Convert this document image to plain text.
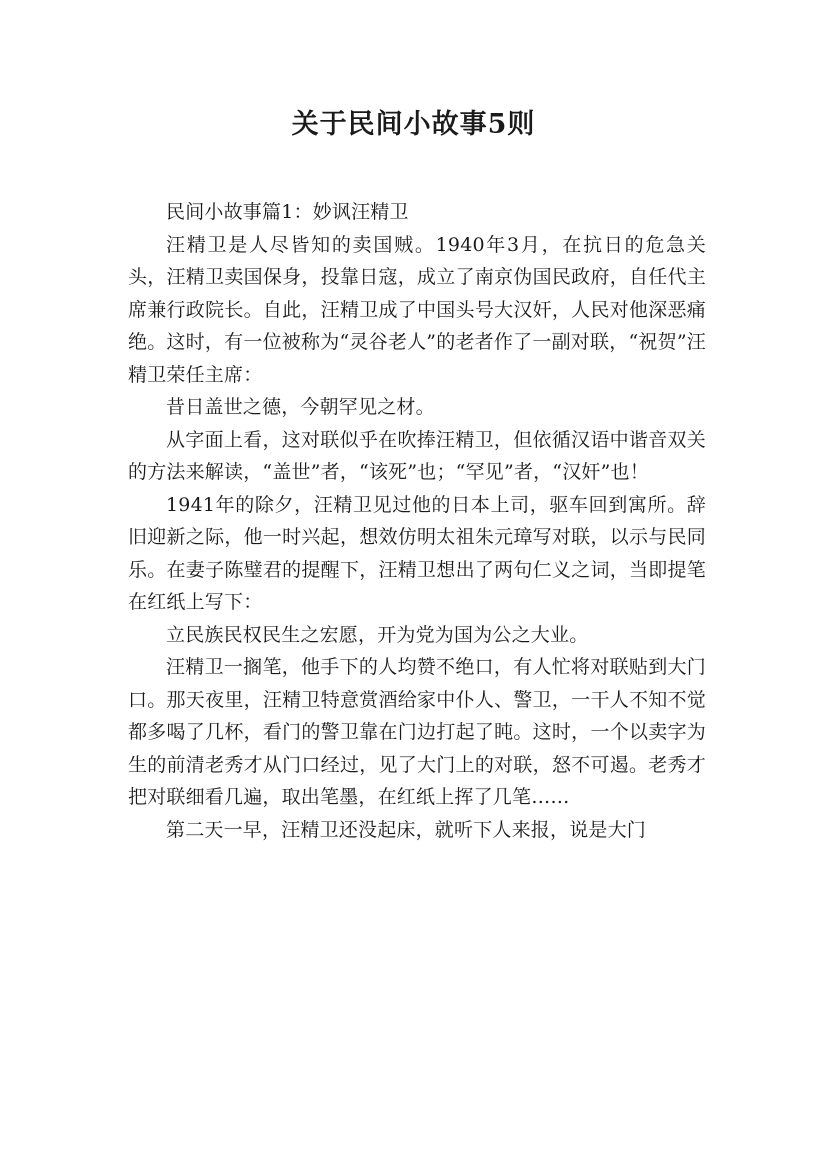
关于民间小故事5则

民间小故事篇1：妙讽汪精卫

汪精卫是人尽皆知的卖国贼。1940年3月，在抗日的危急关头，汪精卫卖国保身，投靠日寇，成立了南京伪国民政府，自任代主席兼行政院长。自此，汪精卫成了中国头号大汉奸，人民对他深恶痛绝。这时，有一位被称为“灵谷老人”的老者作了一副对联，“祝贺”汪精卫荣任主席：

昔日盖世之德，今朝罕见之材。

从字面上看，这对联似乎在吹捧汪精卫，但依循汉语中谐音双关的方法来解读，“盖世”者，“该死”也；“罕见”者，“汉奸”也！

1941年的除夕，汪精卫见过他的日本上司，驱车回到寓所。辞旧迎新之际，他一时兴起，想效仿明太祖朱元璋写对联，以示与民同乐。在妻子陈璧君的提醒下，汪精卫想出了两句仁义之词，当即提笔在红纸上写下：

立民族民权民生之宏愿，开为党为国为公之大业。

汪精卫一搁笔，他手下的人均赞不绝口，有人忙将对联贴到大门口。那天夜里，汪精卫特意赏酒给家中仆人、警卫，一干人不知不觉都多喝了几杯，看门的警卫靠在门边打起了盹。这时，一个以卖字为生的前清老秀才从门口经过，见了大门上的对联，怒不可遏。老秀才把对联细看几遍，取出笔墨，在红纸上挥了几笔……

第二天一早，汪精卫还没起床，就听下人来报，说是大门
